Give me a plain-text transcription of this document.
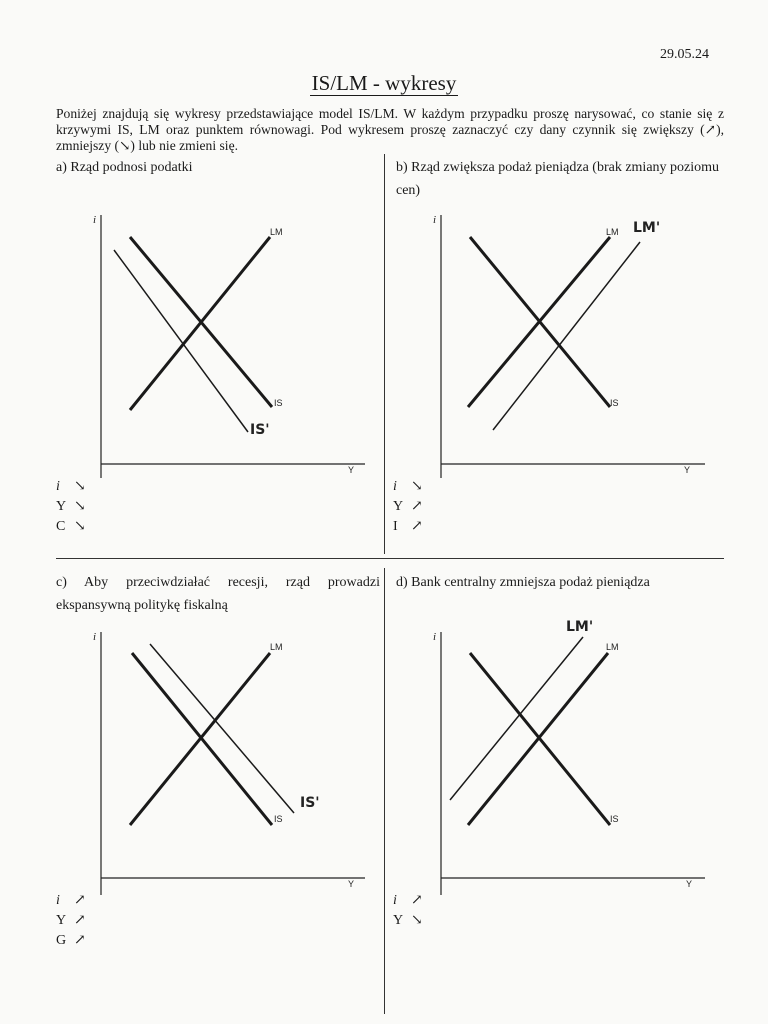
29.05.24
IS/LM - wykresy
Poniżej znajdują się wykresy przedstawiające model IS/LM. W każdym przypadku proszę narysować, co stanie się z krzywymi IS, LM oraz punktem równowagi. Pod wykresem proszę zaznaczyć czy dany czynnik się zwiększy (↗), zmniejszy (↘) lub nie zmieni się.
a) Rząd podnosi podatki	b) Rząd zwiększa podaż pieniądza (brak zmiany poziomu cen)
c) Aby przeciwdziałać recesji, rząd prowadzi ekspansywną politykę fiskalną
d) Bank centralny zmniejsza podaż pieniądza
i
Y
LM
IS
IS'
i
Y
LM
IS
LM'
i
Y
LM
IS
IS'
i
Y
LM
IS
LM'
i	↘
Y ↘
C ↘
i	↘
Y ↗
I ↗
i	↗
Y ↗
G ↗
i	↗
Y ↘
